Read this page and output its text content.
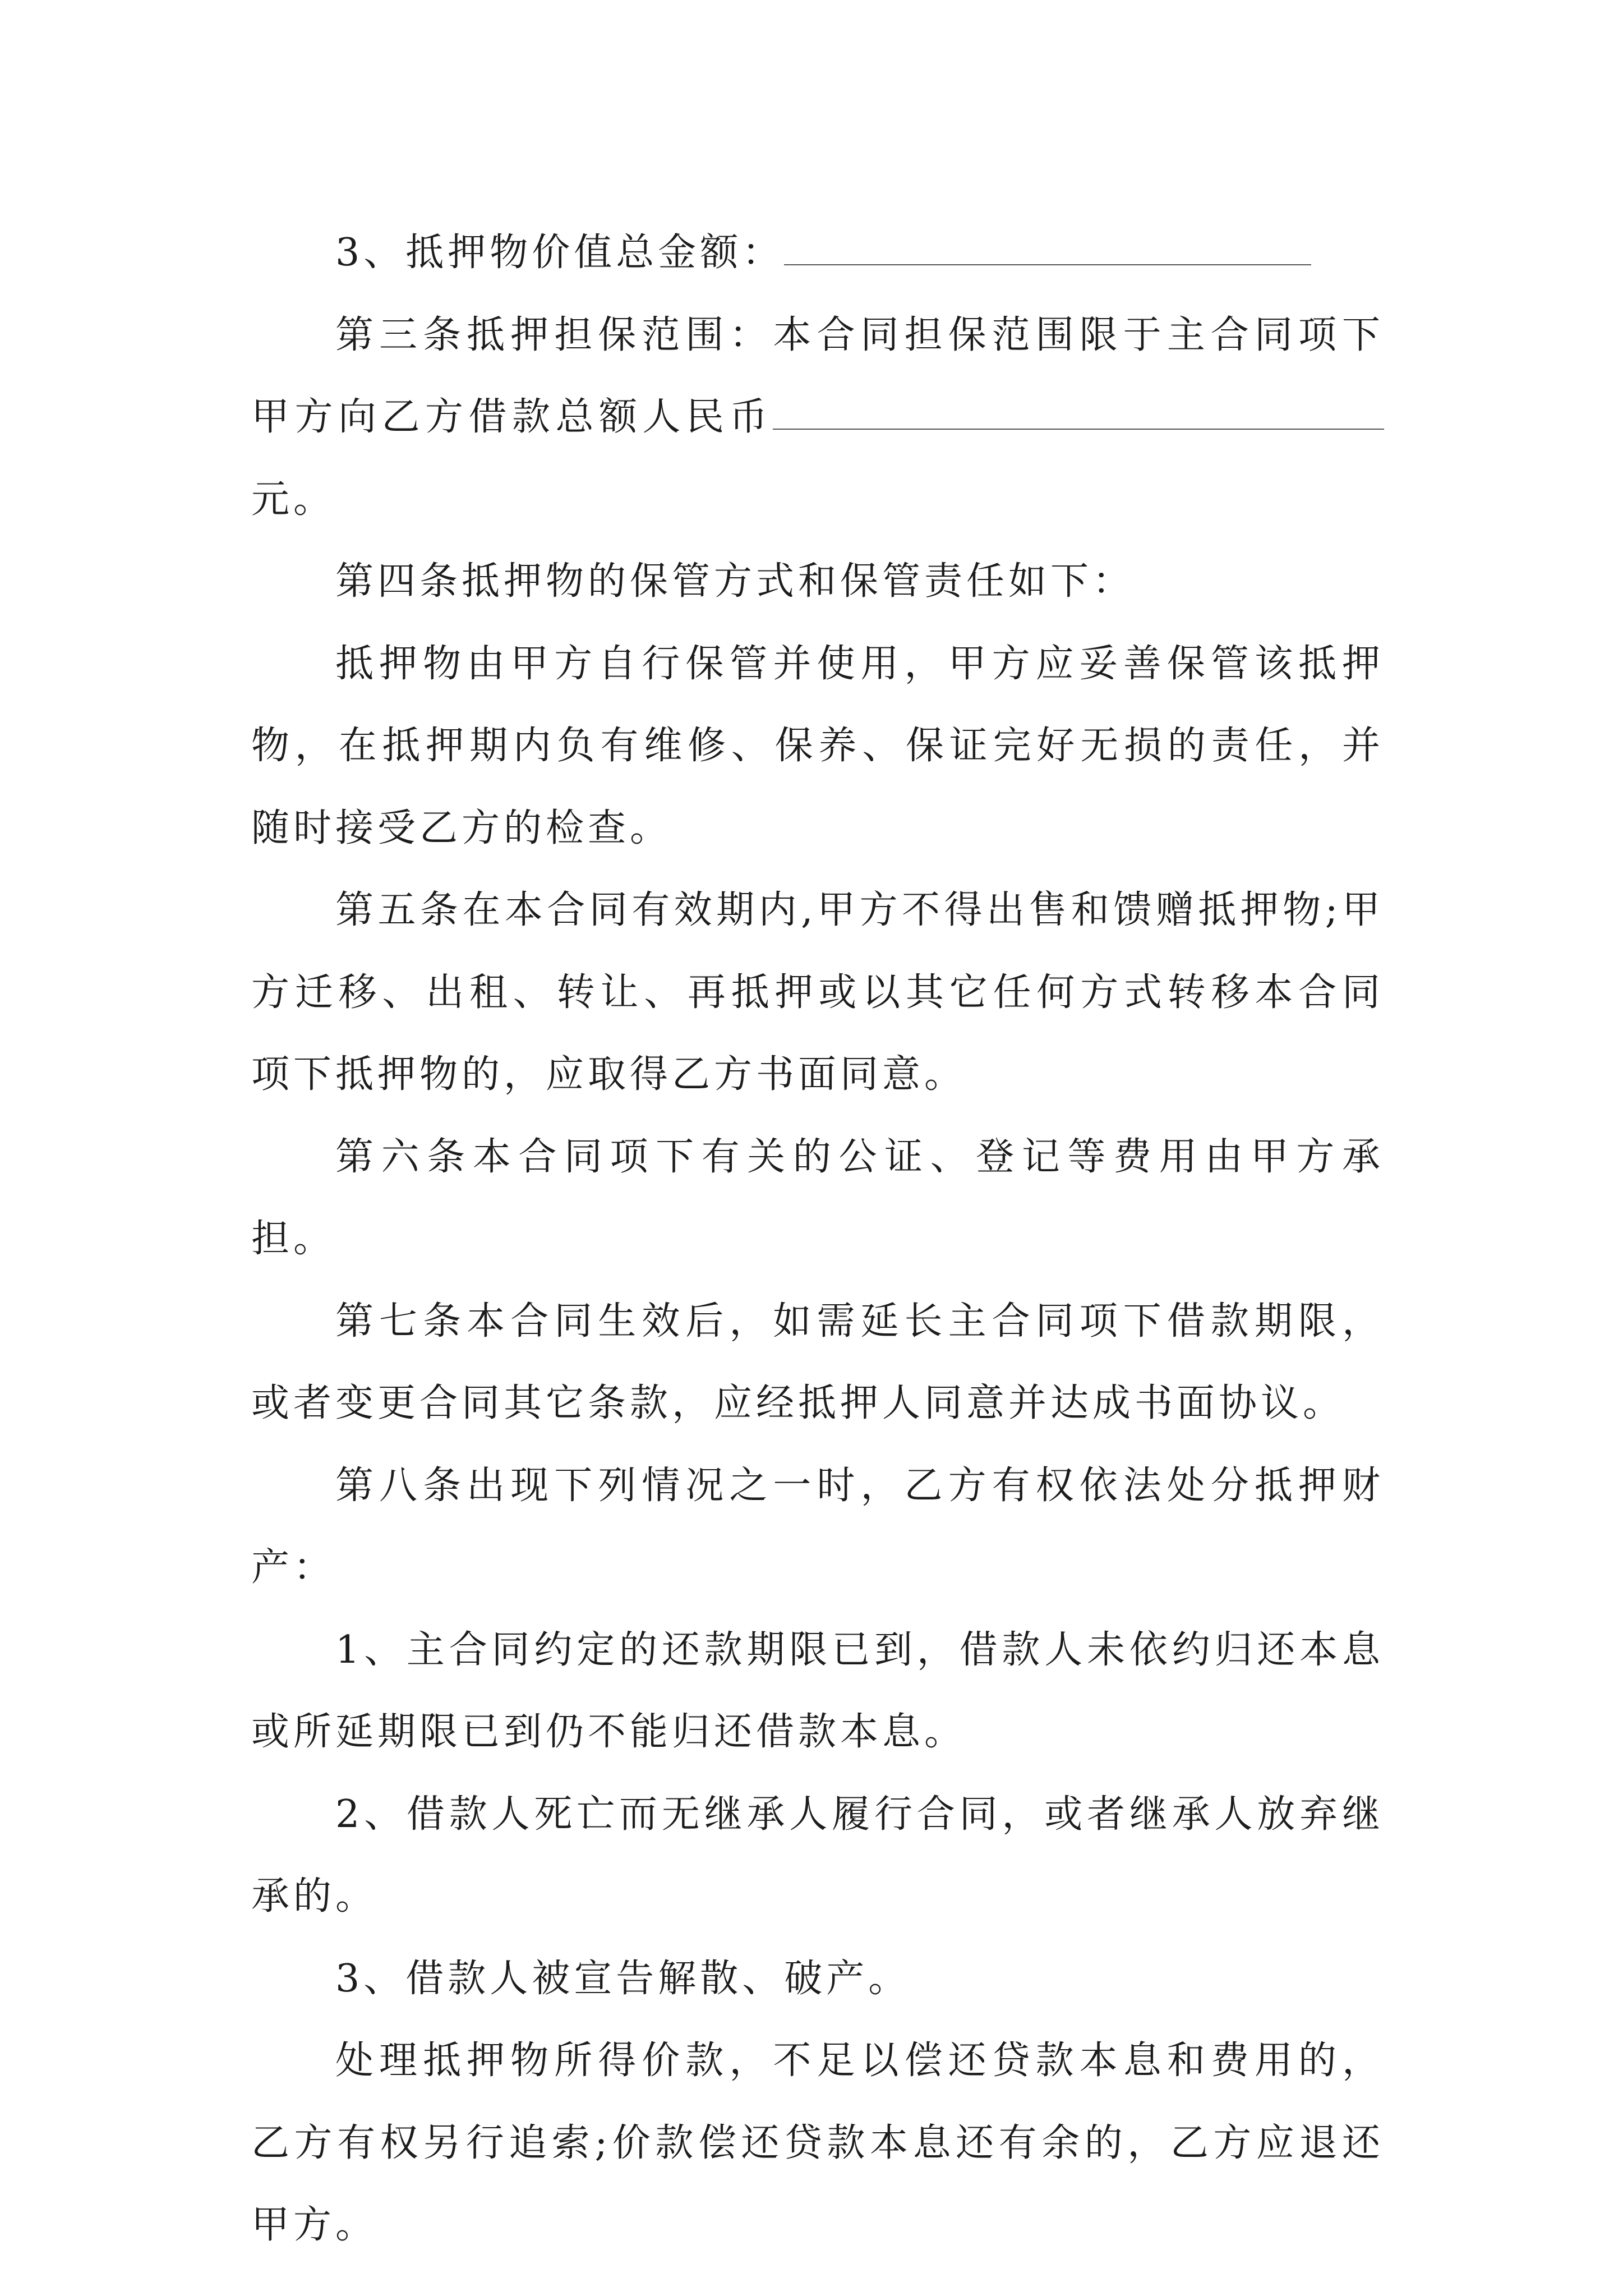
3、抵押物价值总金额：

第三条抵押担保范围：本合同担保范围限于主合同项下甲方向乙方借款总额人民币元。

第四条抵押物的保管方式和保管责任如下：

抵押物由甲方自行保管并使用，甲方应妥善保管该抵押物，在抵押期内负有维修、保养、保证完好无损的责任，并随时接受乙方的检查。

第五条在本合同有效期内,甲方不得出售和馈赠抵押物;甲方迁移、出租、转让、再抵押或以其它任何方式转移本合同项下抵押物的，应取得乙方书面同意。

第六条本合同项下有关的公证、登记等费用由甲方承担。

第七条本合同生效后，如需延长主合同项下借款期限，或者变更合同其它条款，应经抵押人同意并达成书面协议。

第八条出现下列情况之一时，乙方有权依法处分抵押财产：

1、主合同约定的还款期限已到，借款人未依约归还本息或所延期限已到仍不能归还借款本息。

2、借款人死亡而无继承人履行合同，或者继承人放弃继承的。

3、借款人被宣告解散、破产。

处理抵押物所得价款，不足以偿还贷款本息和费用的，乙方有权另行追索;价款偿还贷款本息还有余的，乙方应退还甲方。
